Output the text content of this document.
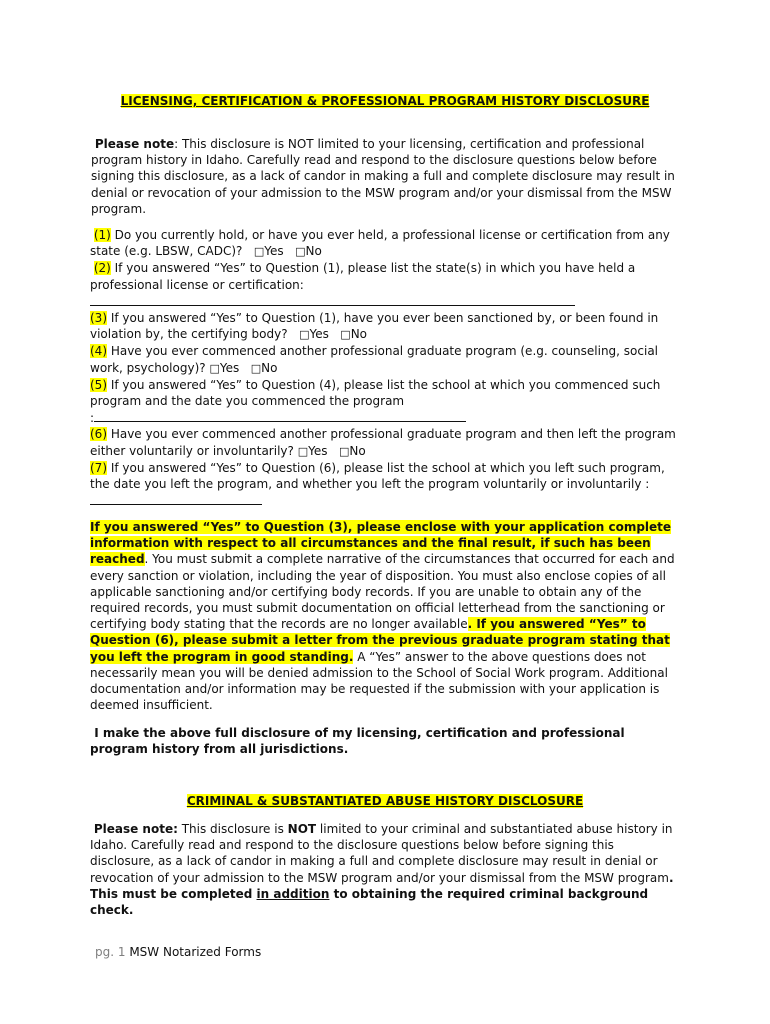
LICENSING, CERTIFICATION & PROFESSIONAL PROGRAM HISTORY DISCLOSURE
Please note: This disclosure is NOT limited to your licensing, certification and professional program history in Idaho. Carefully read and respond to the disclosure questions below before signing this disclosure, as a lack of candor in making a full and complete disclosure may result in denial or revocation of your admission to the MSW program and/or your dismissal from the MSW program.
(1) Do you currently hold, or have you ever held, a professional license or certification from any state (e.g. LBSW, CADC)? □Yes □No
(2) If you answered “Yes” to Question (1), please list the state(s) in which you have held a professional license or certification:
(3) If you answered “Yes” to Question (1), have you ever been sanctioned by, or been found in violation by, the certifying body? □Yes □No
(4) Have you ever commenced another professional graduate program (e.g. counseling, social work, psychology)? □Yes □No
(5) If you answered “Yes” to Question (4), please list the school at which you commenced such program and the date you commenced the program
:
(6) Have you ever commenced another professional graduate program and then left the program either voluntarily or involuntarily? □Yes □No
(7) If you answered “Yes” to Question (6), please list the school at which you left such program, the date you left the program, and whether you left the program voluntarily or involuntarily :
If you answered “Yes” to Question (3), please enclose with your application complete information with respect to all circumstances and the final result, if such has been reached. You must submit a complete narrative of the circumstances that occurred for each and every sanction or violation, including the year of disposition. You must also enclose copies of all applicable sanctioning and/or certifying body records. If you are unable to obtain any of the required records, you must submit documentation on official letterhead from the sanctioning or certifying body stating that the records are no longer available. If you answered “Yes” to Question (6), please submit a letter from the previous graduate program stating that you left the program in good standing. A “Yes” answer to the above questions does not necessarily mean you will be denied admission to the School of Social Work program. Additional documentation and/or information may be requested if the submission with your application is deemed insufficient.
I make the above full disclosure of my licensing, certification and professional program history from all jurisdictions.
CRIMINAL & SUBSTANTIATED ABUSE HISTORY DISCLOSURE
Please note: This disclosure is NOT limited to your criminal and substantiated abuse history in Idaho. Carefully read and respond to the disclosure questions below before signing this disclosure, as a lack of candor in making a full and complete disclosure may result in denial or revocation of your admission to the MSW program and/or your dismissal from the MSW program. This must be completed in addition to obtaining the required criminal background check.
pg. 1 MSW Notarized Forms
